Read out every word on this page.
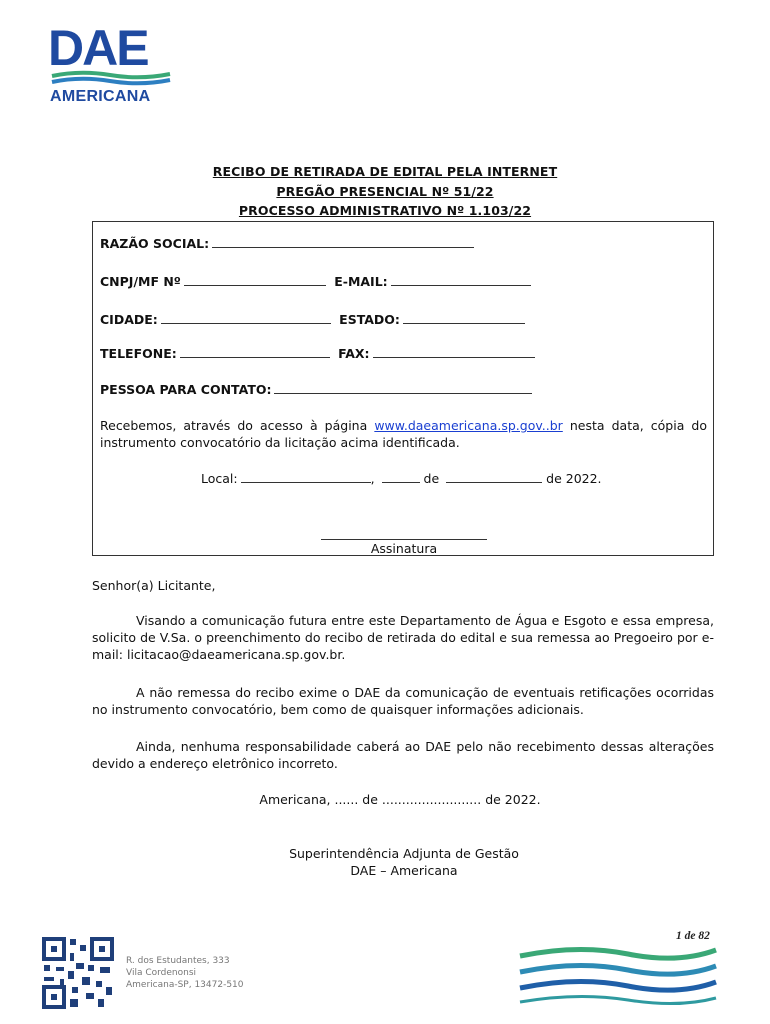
DAE
AMERICANA
RECIBO DE RETIRADA DE EDITAL PELA INTERNET
PREGÃO PRESENCIAL Nº 51/22
PROCESSO ADMINISTRATIVO Nº 1.103/22
RAZÃO SOCIAL:
CNPJ/MF Nº	E-MAIL:
CIDADE:	ESTADO:
TELEFONE:	FAX:
PESSOA PARA CONTATO:
Recebemos, através do acesso à página www.daeamericana.sp.gov..br nesta data, cópia do instrumento convocatório da licitação acima identificada.
Local:	,	de	de 2022.
Assinatura
Senhor(a) Licitante,
Visando a comunicação futura entre este Departamento de Água e Esgoto e essa empresa, solicito de V.Sa. o preenchimento do recibo de retirada do edital e sua remessa ao Pregoeiro por e-mail: licitacao@daeamericana.sp.gov.br.
A não remessa do recibo exime o DAE da comunicação de eventuais retificações ocorridas no instrumento convocatório, bem como de quaisquer informações adicionais.
Ainda, nenhuma responsabilidade caberá ao DAE pelo não recebimento dessas alterações devido a endereço eletrônico incorreto.
Americana, ...... de ......................... de 2022.
Superintendência Adjunta de Gestão
DAE – Americana
R. dos Estudantes, 333
Vila Cordenonsi
Americana-SP, 13472-510
1 de 82
